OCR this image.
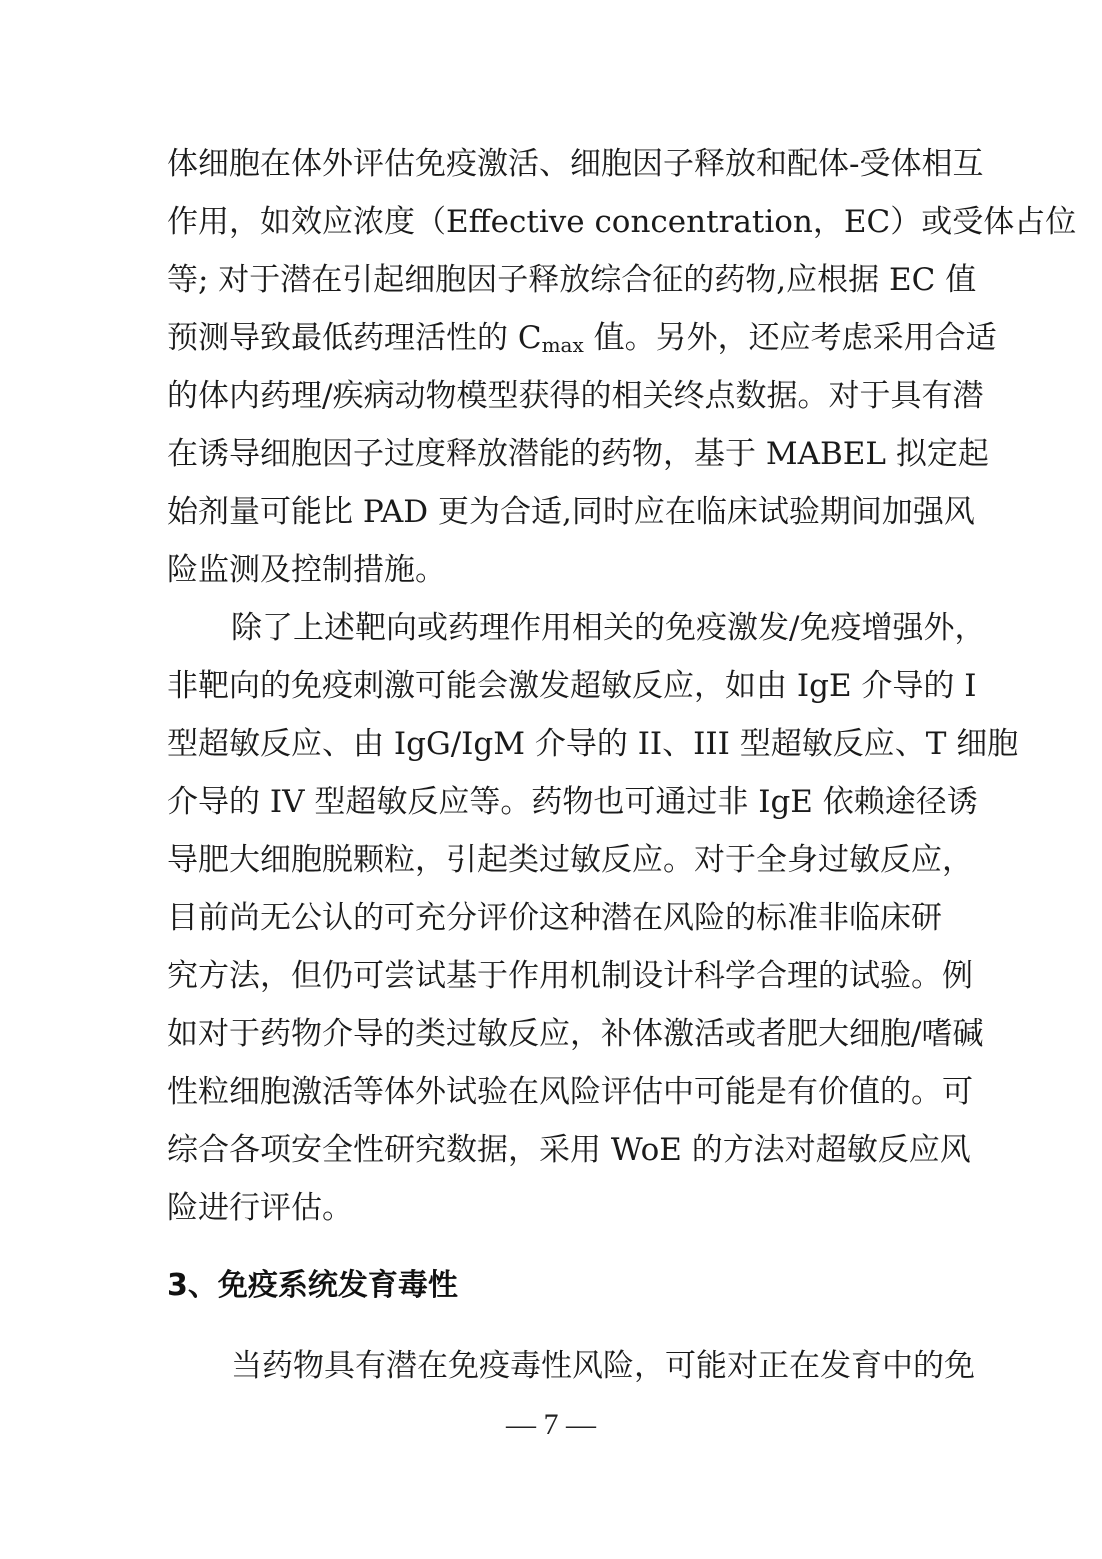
体细胞在体外评估免疫激活、细胞因子释放和配体-受体相互
作用，如效应浓度（Effective concentration，EC）或受体占位
等; 对于潜在引起细胞因子释放综合征的药物,应根据 EC 值
预测导致最低药理活性的 $C_{max}$ 值。另外，还应考虑采用合适
的体内药理/疾病动物模型获得的相关终点数据。对于具有潜
在诱导细胞因子过度释放潜能的药物，基于 MABEL 拟定起
始剂量可能比 PAD 更为合适,同时应在临床试验期间加强风
险监测及控制措施。
除了上述靶向或药理作用相关的免疫激发/免疫增强外，
非靶向的免疫刺激可能会激发超敏反应，如由 IgE 介导的 I
型超敏反应、由 IgG/IgM 介导的 II、III 型超敏反应、T 细胞
介导的 IV 型超敏反应等。药物也可通过非 IgE 依赖途径诱
导肥大细胞脱颗粒，引起类过敏反应。对于全身过敏反应，
目前尚无公认的可充分评价这种潜在风险的标准非临床研
究方法，但仍可尝试基于作用机制设计科学合理的试验。例
如对于药物介导的类过敏反应，补体激活或者肥大细胞/嗜碱
性粒细胞激活等体外试验在风险评估中可能是有价值的。可
综合各项安全性研究数据，采用 WoE 的方法对超敏反应风
险进行评估。
3、免疫系统发育毒性
当药物具有潜在免疫毒性风险，可能对正在发育中的免
— 7 —
